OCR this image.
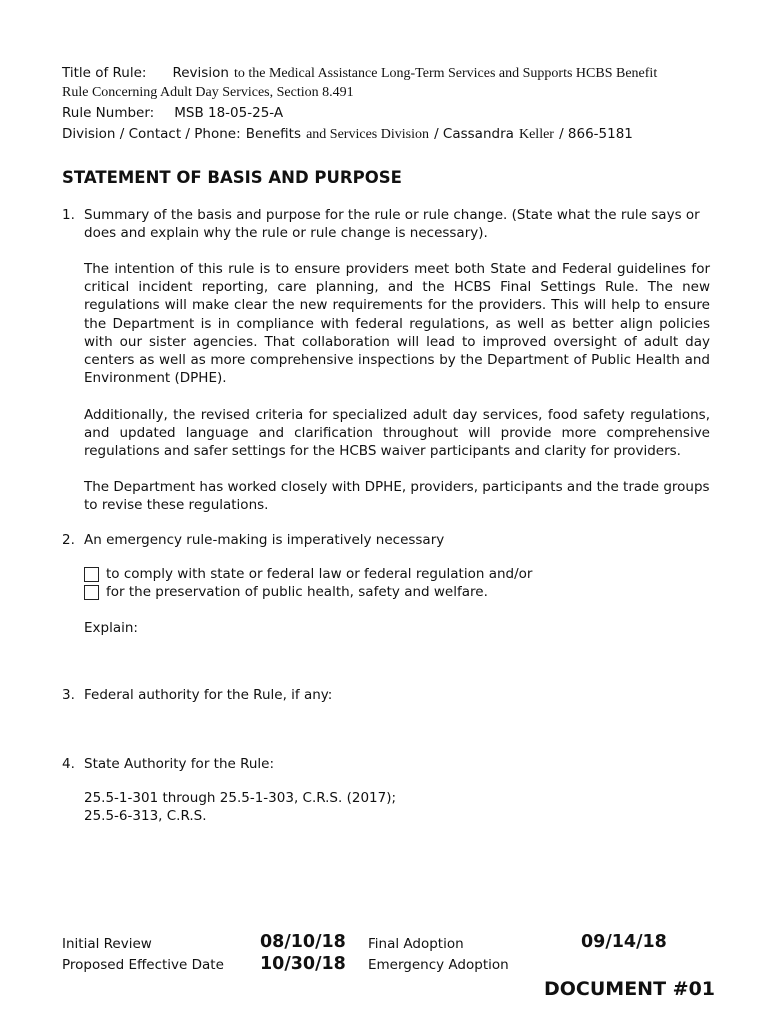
Title of Rule: Revision to the Medical Assistance Long-Term Services and Supports HCBS Benefit
Rule Concerning Adult Day Services, Section 8.491
Rule Number: MSB 18-05-25-A
Division / Contact / Phone: Benefits and Services Division / Cassandra Keller / 866-5181
STATEMENT OF BASIS AND PURPOSE
1. Summary of the basis and purpose for the rule or rule change. (State what the rule says or does and explain why the rule or rule change is necessary).
The intention of this rule is to ensure providers meet both State and Federal guidelines for critical incident reporting, care planning, and the HCBS Final Settings Rule. The new regulations will make clear the new requirements for the providers. This will help to ensure the Department is in compliance with federal regulations, as well as better align policies with our sister agencies. That collaboration will lead to improved oversight of adult day centers as well as more comprehensive inspections by the Department of Public Health and Environment (DPHE).
Additionally, the revised criteria for specialized adult day services, food safety regulations, and updated language and clarification throughout will provide more comprehensive regulations and safer settings for the HCBS waiver participants and clarity for providers.
The Department has worked closely with DPHE, providers, participants and the trade groups to revise these regulations.
2. An emergency rule-making is imperatively necessary
to comply with state or federal law or federal regulation and/or
for the preservation of public health, safety and welfare.
Explain:
3. Federal authority for the Rule, if any:
4. State Authority for the Rule:
25.5-1-301 through 25.5-1-303, C.R.S. (2017);
25.5-6-313, C.R.S.
Initial Review	08/10/18 Final Adoption	09/14/18
Proposed Effective Date 10/30/18 Emergency Adoption
DOCUMENT #01
